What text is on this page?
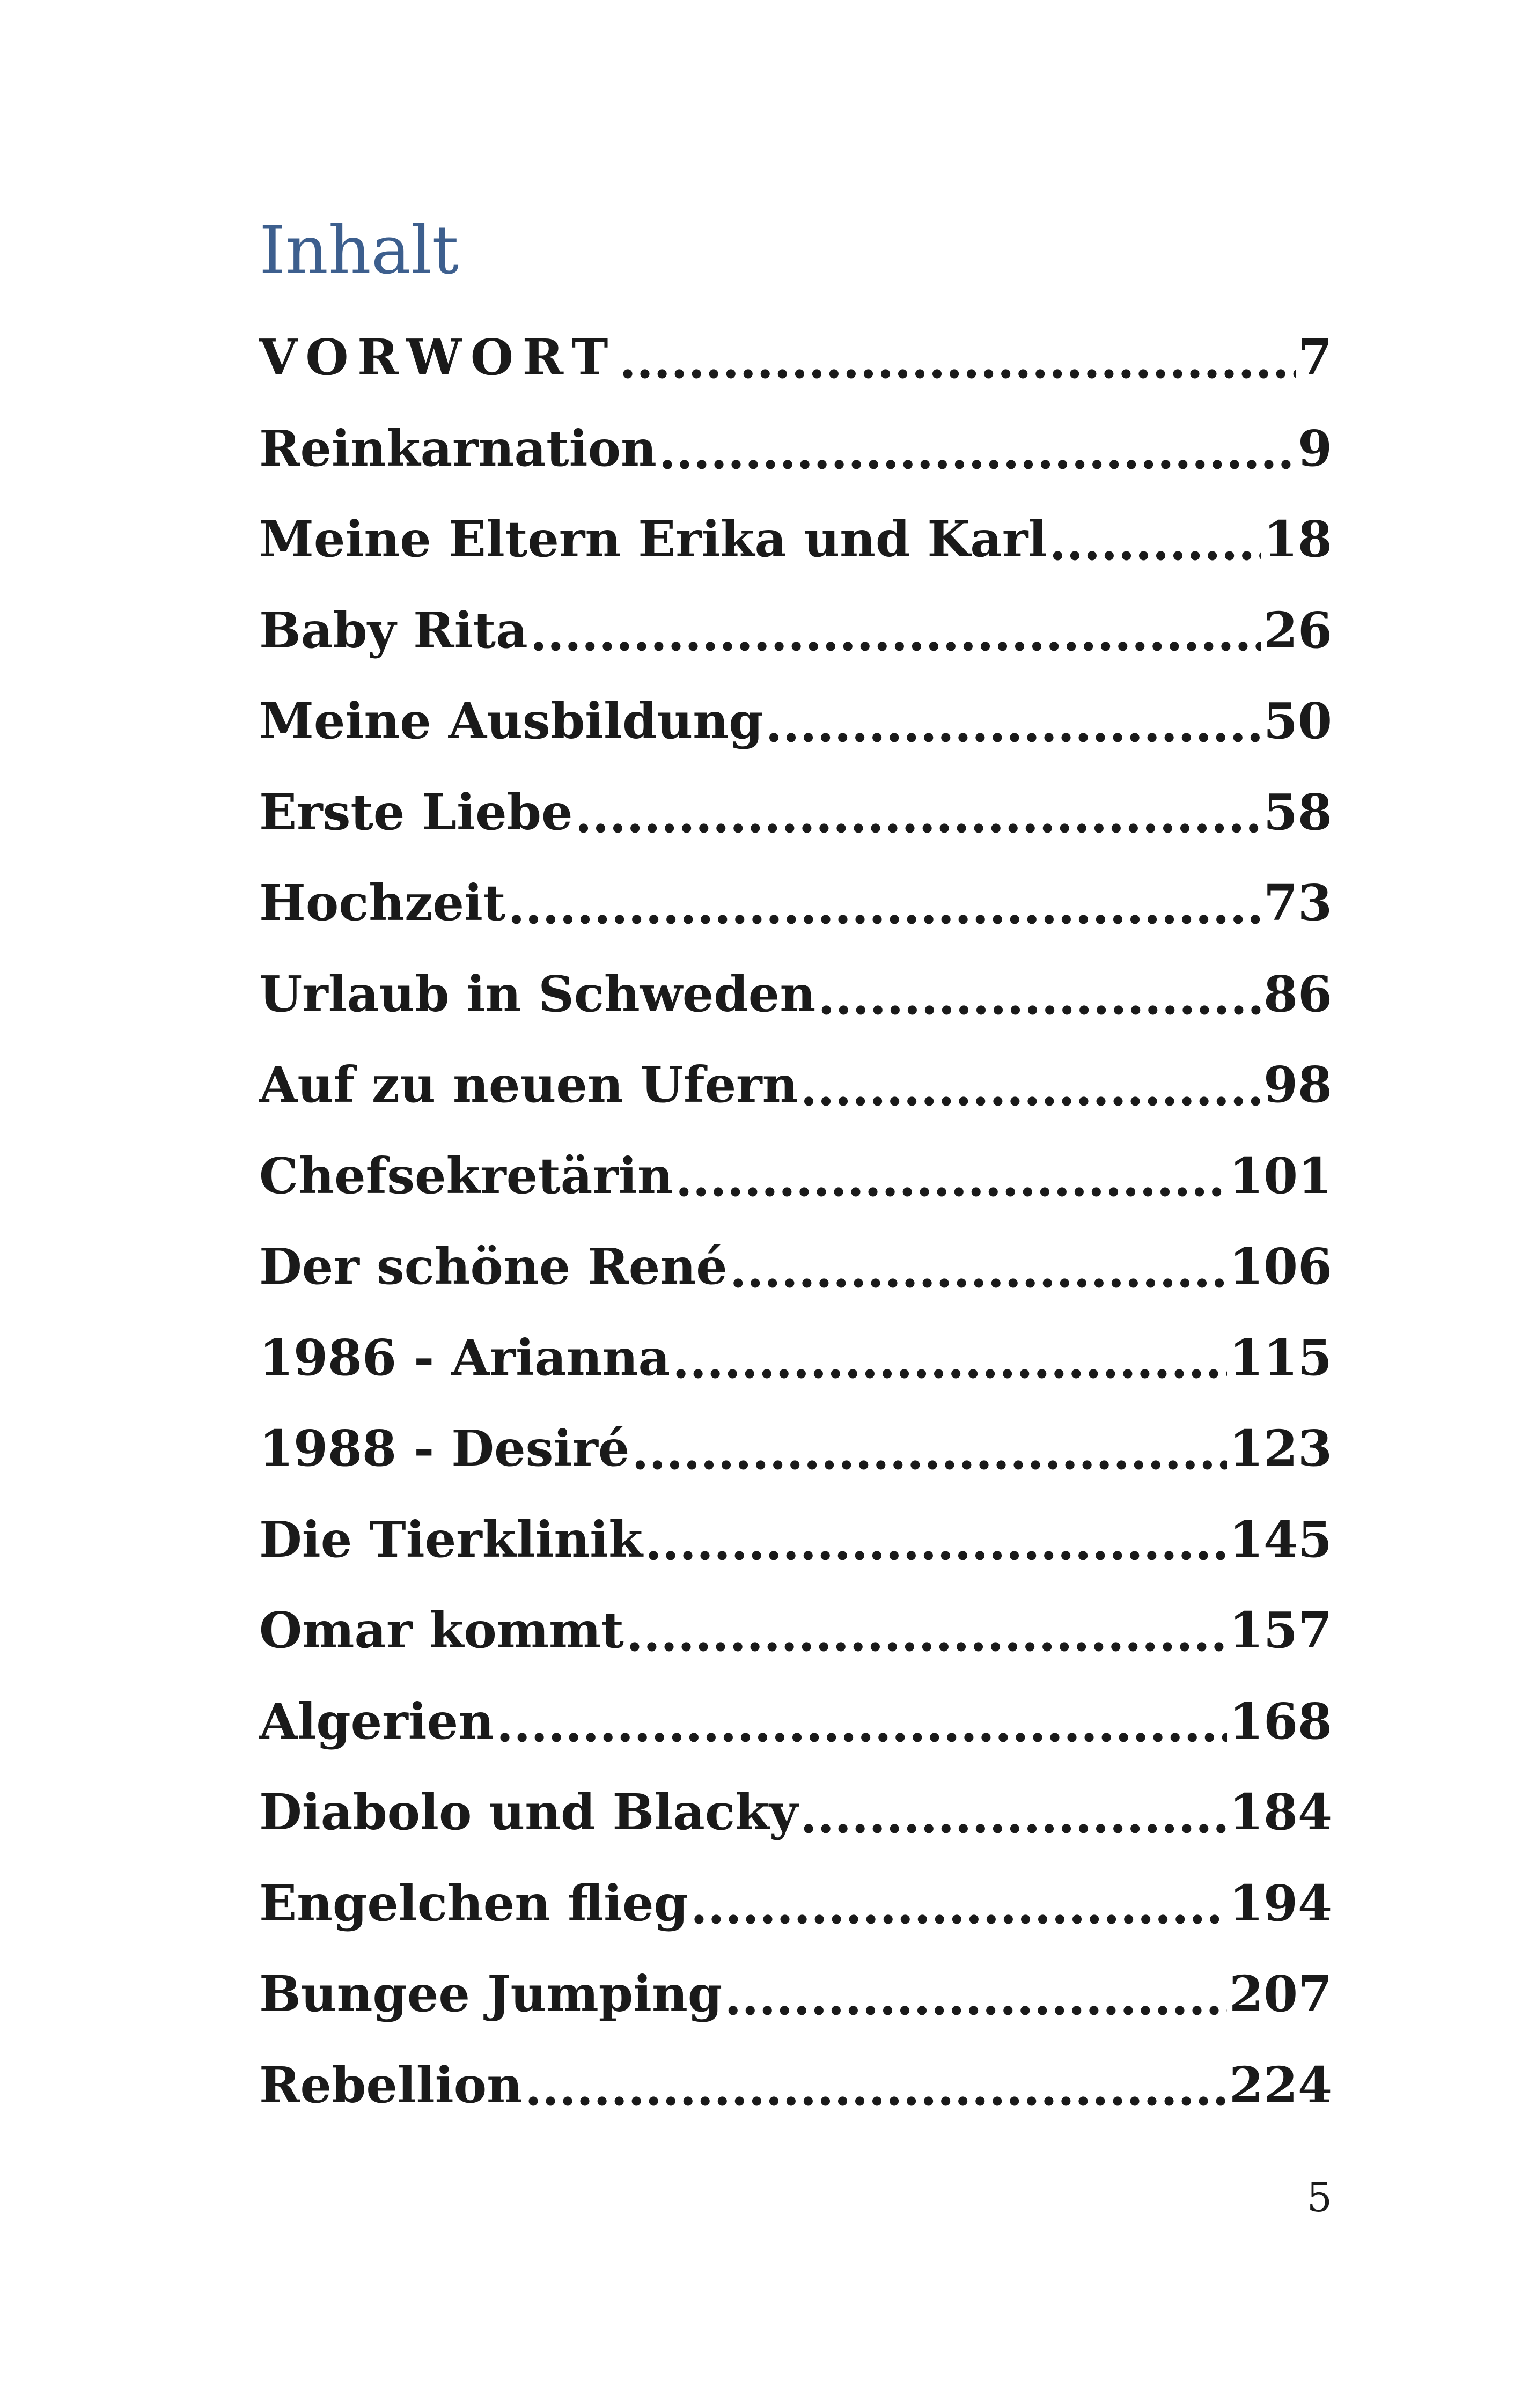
Inhalt
VORWORT .....	7
Reinkarnation .....	9
Meine Eltern Erika und Karl .....	18
Baby Rita .....	26
Meine Ausbildung .....	50
Erste Liebe .....	58
Hochzeit .....	73
Urlaub in Schweden .....	86
Auf zu neuen Ufern .....	98
Chefsekretärin .....	101
Der schöne René .....	106
1986 - Arianna .....	115
1988 - Desiré .....	123
Die Tierklinik .....	145
Omar kommt .....	157
Algerien .....	168
Diabolo und Blacky .....	184
Engelchen flieg .....	194
Bungee Jumping .....	207
Rebellion .....	224
5
